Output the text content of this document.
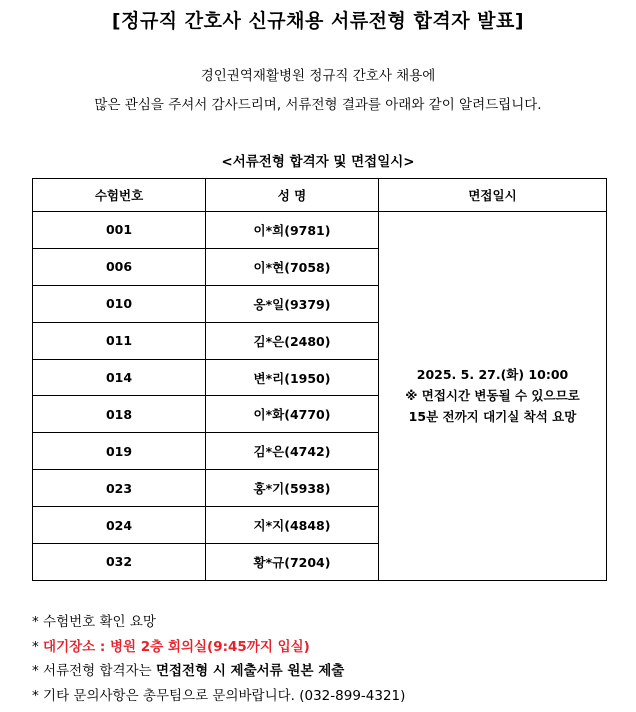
[정규직 간호사 신규채용 서류전형 합격자 발표]
경인권역재활병원 정규직 간호사 채용에
많은 관심을 주셔서 감사드리며, 서류전형 결과를 아래와 같이 알려드립니다.
<서류전형 합격자 및 면접일시>
수험번호	성 명	면접일시
001	이*희(9781)	2025. 5. 27.(화) 10:00
※ 면접시간 변동될 수 있으므로
15분 전까지 대기실 착석 요망

006	이*현(7058)	
010	옹*일(9379)	
011	김*은(2480)	
014	변*리(1950)	
018	이*화(4770)	
019	김*은(4742)	
023	홍*기(5938)	
024	지*지(4848)	
032	황*규(7204)	
* 수험번호 확인 요망
* 대기장소 : 병원 2층 회의실(9:45까지 입실)
* 서류전형 합격자는 면접전형 시 제출서류 원본 제출
* 기타 문의사항은 총무팀으로 문의바랍니다. (032-899-4321)
